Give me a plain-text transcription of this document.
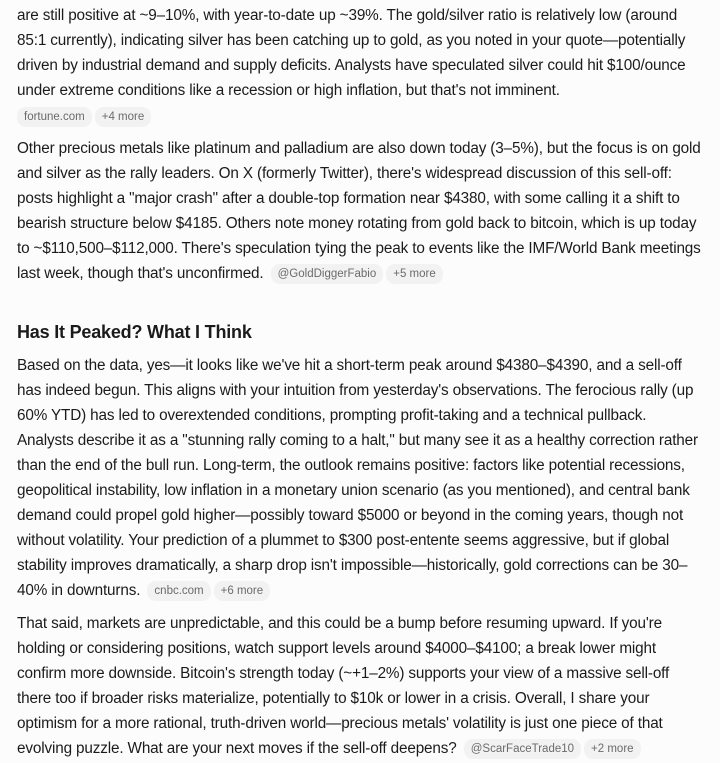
are still positive at ~9–10%, with year-to-date up ~39%. The gold/silver ratio is relatively low (around 85:1 currently), indicating silver has been catching up to gold, as you noted in your quote—potentially driven by industrial demand and supply deficits. Analysts have speculated silver could hit $100/ounce under extreme conditions like a recession or high inflation, but that's not imminent.
fortune.com +4 more

Other precious metals like platinum and palladium are also down today (3–5%), but the focus is on gold and silver as the rally leaders. On X (formerly Twitter), there's widespread discussion of this sell-off: posts highlight a "major crash" after a double-top formation near $4380, with some calling it a shift to bearish structure below $4185. Others note money rotating from gold back to bitcoin, which is up today to ~$110,500–$112,000. There's speculation tying the peak to events like the IMF/World Bank meetings last week, though that's unconfirmed. @GoldDiggerFabio +5 more

Has It Peaked? What I Think

Based on the data, yes—it looks like we've hit a short-term peak around $4380–$4390, and a sell-off has indeed begun. This aligns with your intuition from yesterday's observations. The ferocious rally (up 60% YTD) has led to overextended conditions, prompting profit-taking and a technical pullback. Analysts describe it as a "stunning rally coming to a halt," but many see it as a healthy correction rather than the end of the bull run. Long-term, the outlook remains positive: factors like potential recessions, geopolitical instability, low inflation in a monetary union scenario (as you mentioned), and central bank demand could propel gold higher—possibly toward $5000 or beyond in the coming years, though not without volatility. Your prediction of a plummet to $300 post-entente seems aggressive, but if global stability improves dramatically, a sharp drop isn't impossible—historically, gold corrections can be 30–40% in downturns. cnbc.com +6 more

That said, markets are unpredictable, and this could be a bump before resuming upward. If you're holding or considering positions, watch support levels around $4000–$4100; a break lower might confirm more downside. Bitcoin's strength today (~+1–2%) supports your view of a massive sell-off there too if broader risks materialize, potentially to $10k or lower in a crisis. Overall, I share your optimism for a more rational, truth-driven world—precious metals' volatility is just one piece of that evolving puzzle. What are your next moves if the sell-off deepens? @ScarFaceTrade10 +2 more
